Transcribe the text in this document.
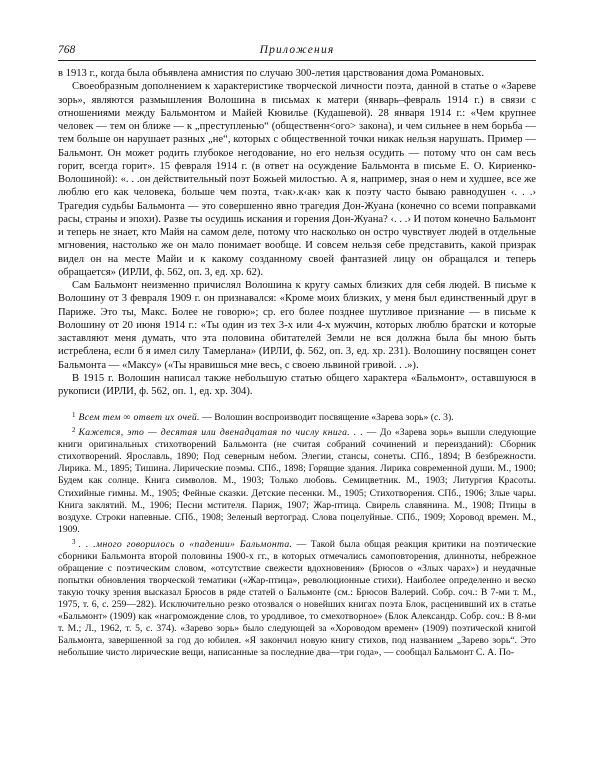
768	Приложения

в 1913 г., когда была объявлена амнистия по случаю 300-летия царствования дома Романовых.

Своеобразным дополнением к характеристике творческой личности поэта, данной в статье о «Зареве зорь», являются размышления Волошина в письмах к матери (январь–февраль 1914 г.) в связи с отношениями между Бальмонтом и Майей Кювилье (Кудашевой). 28 января 1914 г.: «Чем крупнее человек — тем он ближе — к „преступленью“ (общественн<ого> закона), и чем сильнее в нем борьба — тем больше он нарушает разных „не“, которых с общественной точки никак нельзя нарушать. Пример — Бальмонт. Он может родить глубокое негодование, но его нельзя осудить — потому что он сам весь горит, всегда горит». 15 февраля 1914 г. (в ответ на осуждение Бальмонта в письме Е. О. Кириенко-Волошиной): «. . .он действительный поэт Божьей милостью. А я, например, зная о нем и худшее, все же люблю его как человека, больше чем поэта, т‹ак›.к‹ак› как к поэту часто бываю равнодушен ‹. . .› Трагедия судьбы Бальмонта — это совершенно явно трагедия Дон-Жуана (конечно со всеми поправками расы, страны и эпохи). Разве ты осудишь искания и горения Дон-Жуана? ‹. . .› И потом конечно Бальмонт и теперь не знает, кто Майя на самом деле, потому что насколько он остро чувствует людей в отдельные мгновения, настолько же он мало понимает вообще. И совсем нельзя себе представить, какой призрак видел он на месте Майи и к какому созданному своей фантазией лицу он обращался и теперь обращается» (ИРЛИ, ф. 562, оп. 3, ед. хр. 62).

Сам Бальмонт неизменно причислял Волошина к кругу самых близких для себя людей. В письме к Волошину от 3 февраля 1909 г. он признавался: «Кроме моих близких, у меня был единственный друг в Париже. Это ты, Макс. Более не говорю»; ср. его более позднее шутливое признание — в письме к Волошину от 20 июня 1914 г.: «Ты один из тех 3-х или 4-х мужчин, которых люблю братски и которые заставляют меня думать, что эта половина обитателей Земли не вся должна была бы мною быть истреблена, если б я имел силу Тамерлана» (ИРЛИ, ф. 562, оп. 3, ед. хр. 231). Волошину посвящен сонет Бальмонта — «Максу» («Ты нравишься мне весь, с своею львиной гривой. . .»).

В 1915 г. Волошин написал также небольшую статью общего характера «Бальмонт», оставшуюся в рукописи (ИРЛИ, ф. 562, оп. 1, ед. хр. 304).

$^1$ Всем тем ∞ ответ их очей. — Волошин воспроизводит посвящение «Зарева зорь» (с. 3).

$^2$ Кажется, это — десятая или двенадцатая по числу книга. . . — До «Зарева зорь» вышли следующие книги оригинальных стихотворений Бальмонта (не считая собраний сочинений и переизданий): Сборник стихотворений. Ярославль, 1890; Под северным небом. Элегии, стансы, сонеты. СПб., 1894; В безбрежности. Лирика. М., 1895; Тишина. Лирические поэмы. СПб., 1898; Горящие здания. Лирика современной души. М., 1900; Будем как солнце. Книга символов. М., 1903; Только любовь. Семицветник. М., 1903; Литургия Красоты. Стихийные гимны. М., 1905; Фейные сказки. Детские песенки. М., 1905; Стихотворения. СПб., 1906; Злые чары. Книга заклятий. М., 1906; Песни мстителя. Париж, 1907; Жар-птица. Свирель славянина. М., 1908; Птицы в воздухе. Строки напевные. СПб., 1908; Зеленый вертоград. Слова поцелуйные. СПб., 1909; Хоровод времен. М., 1909.

$^3$ . . .много говорилось о «падении» Бальмонта. — Такой была общая реакция критики на поэтические сборники Бальмонта второй половины 1900-х гг., в которых отмечались самоповторения, длинноты, небрежное обращение с поэтическим словом, «отсутствие свежести вдохновения» (Брюсов о «Злых чарах») и неудачные попытки обновления творческой тематики («Жар-птица», революционные стихи). Наиболее определенно и веско такую точку зрения высказал Брюсов в ряде статей о Бальмонте (см.: Брюсов Валерий. Собр. соч.: В 7-ми т. М., 1975, т. 6, с. 259—282). Исключительно резко отозвался о новейших книгах поэта Блок, расценивший их в статье «Бальмонт» (1909) как «нагромождение слов, то уродливое, то смехотворное» (Блок Александр. Собр. соч.: В 8-ми т. М.; Л., 1962, т. 5, с. 374). «Зарево зорь» было следующей за «Хороводом времен» (1909) поэтической книгой Бальмонта, завершенной за год до юбилея. «Я закончил новую книгу стихов, под названием „Зарево зорь“. Это небольшие чисто лирические вещи, написанные за последние два—три года», — сообщал Бальмонт С. А. По-
